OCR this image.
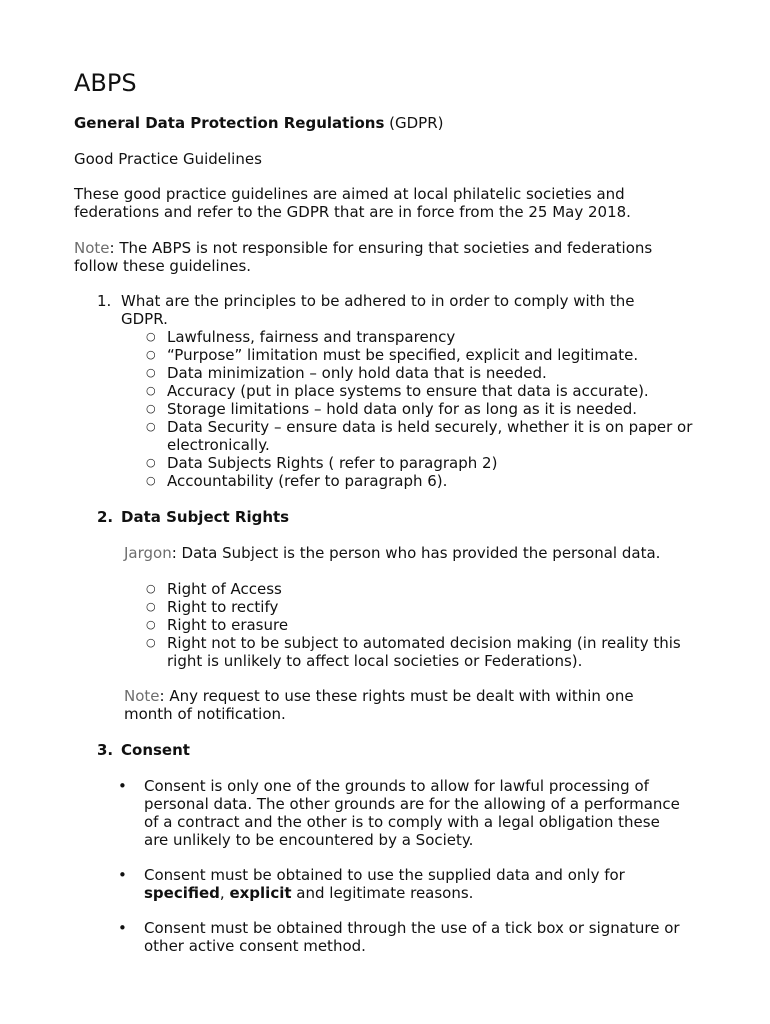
ABPS

General Data Protection Regulations (GDPR)

Good Practice Guidelines

These good practice guidelines are aimed at local philatelic societies and federations and refer to the GDPR that are in force from the 25 May 2018.

Note: The ABPS is not responsible for ensuring that societies and federations follow these guidelines.

1. What are the principles to be adhered to in order to comply with the GDPR.
○ Lawfulness, fairness and transparency
○ “Purpose” limitation must be specified, explicit and legitimate.
○ Data minimization – only hold data that is needed.
○ Accuracy (put in place systems to ensure that data is accurate).
○ Storage limitations – hold data only for as long as it is needed.
○ Data Security – ensure data is held securely, whether it is on paper or electronically.
○ Data Subjects Rights ( refer to paragraph 2)
○ Accountability (refer to paragraph 6).
2. Data Subject Rights

Jargon: Data Subject is the person who has provided the personal data.

○ Right of Access
○ Right to rectify
○ Right to erasure
○ Right not to be subject to automated decision making (in reality this right is unlikely to affect local societies or Federations).

Note: Any request to use these rights must be dealt with within one month of notification.

3. Consent
•	Consent is only one of the grounds to allow for lawful processing of personal data. The other grounds are for the allowing of a performance of a contract and the other is to comply with a legal obligation these are unlikely to be encountered by a Society.
•	Consent must be obtained to use the supplied data and only for specified, explicit and legitimate reasons.
•	Consent must be obtained through the use of a tick box or signature or other active consent method.
